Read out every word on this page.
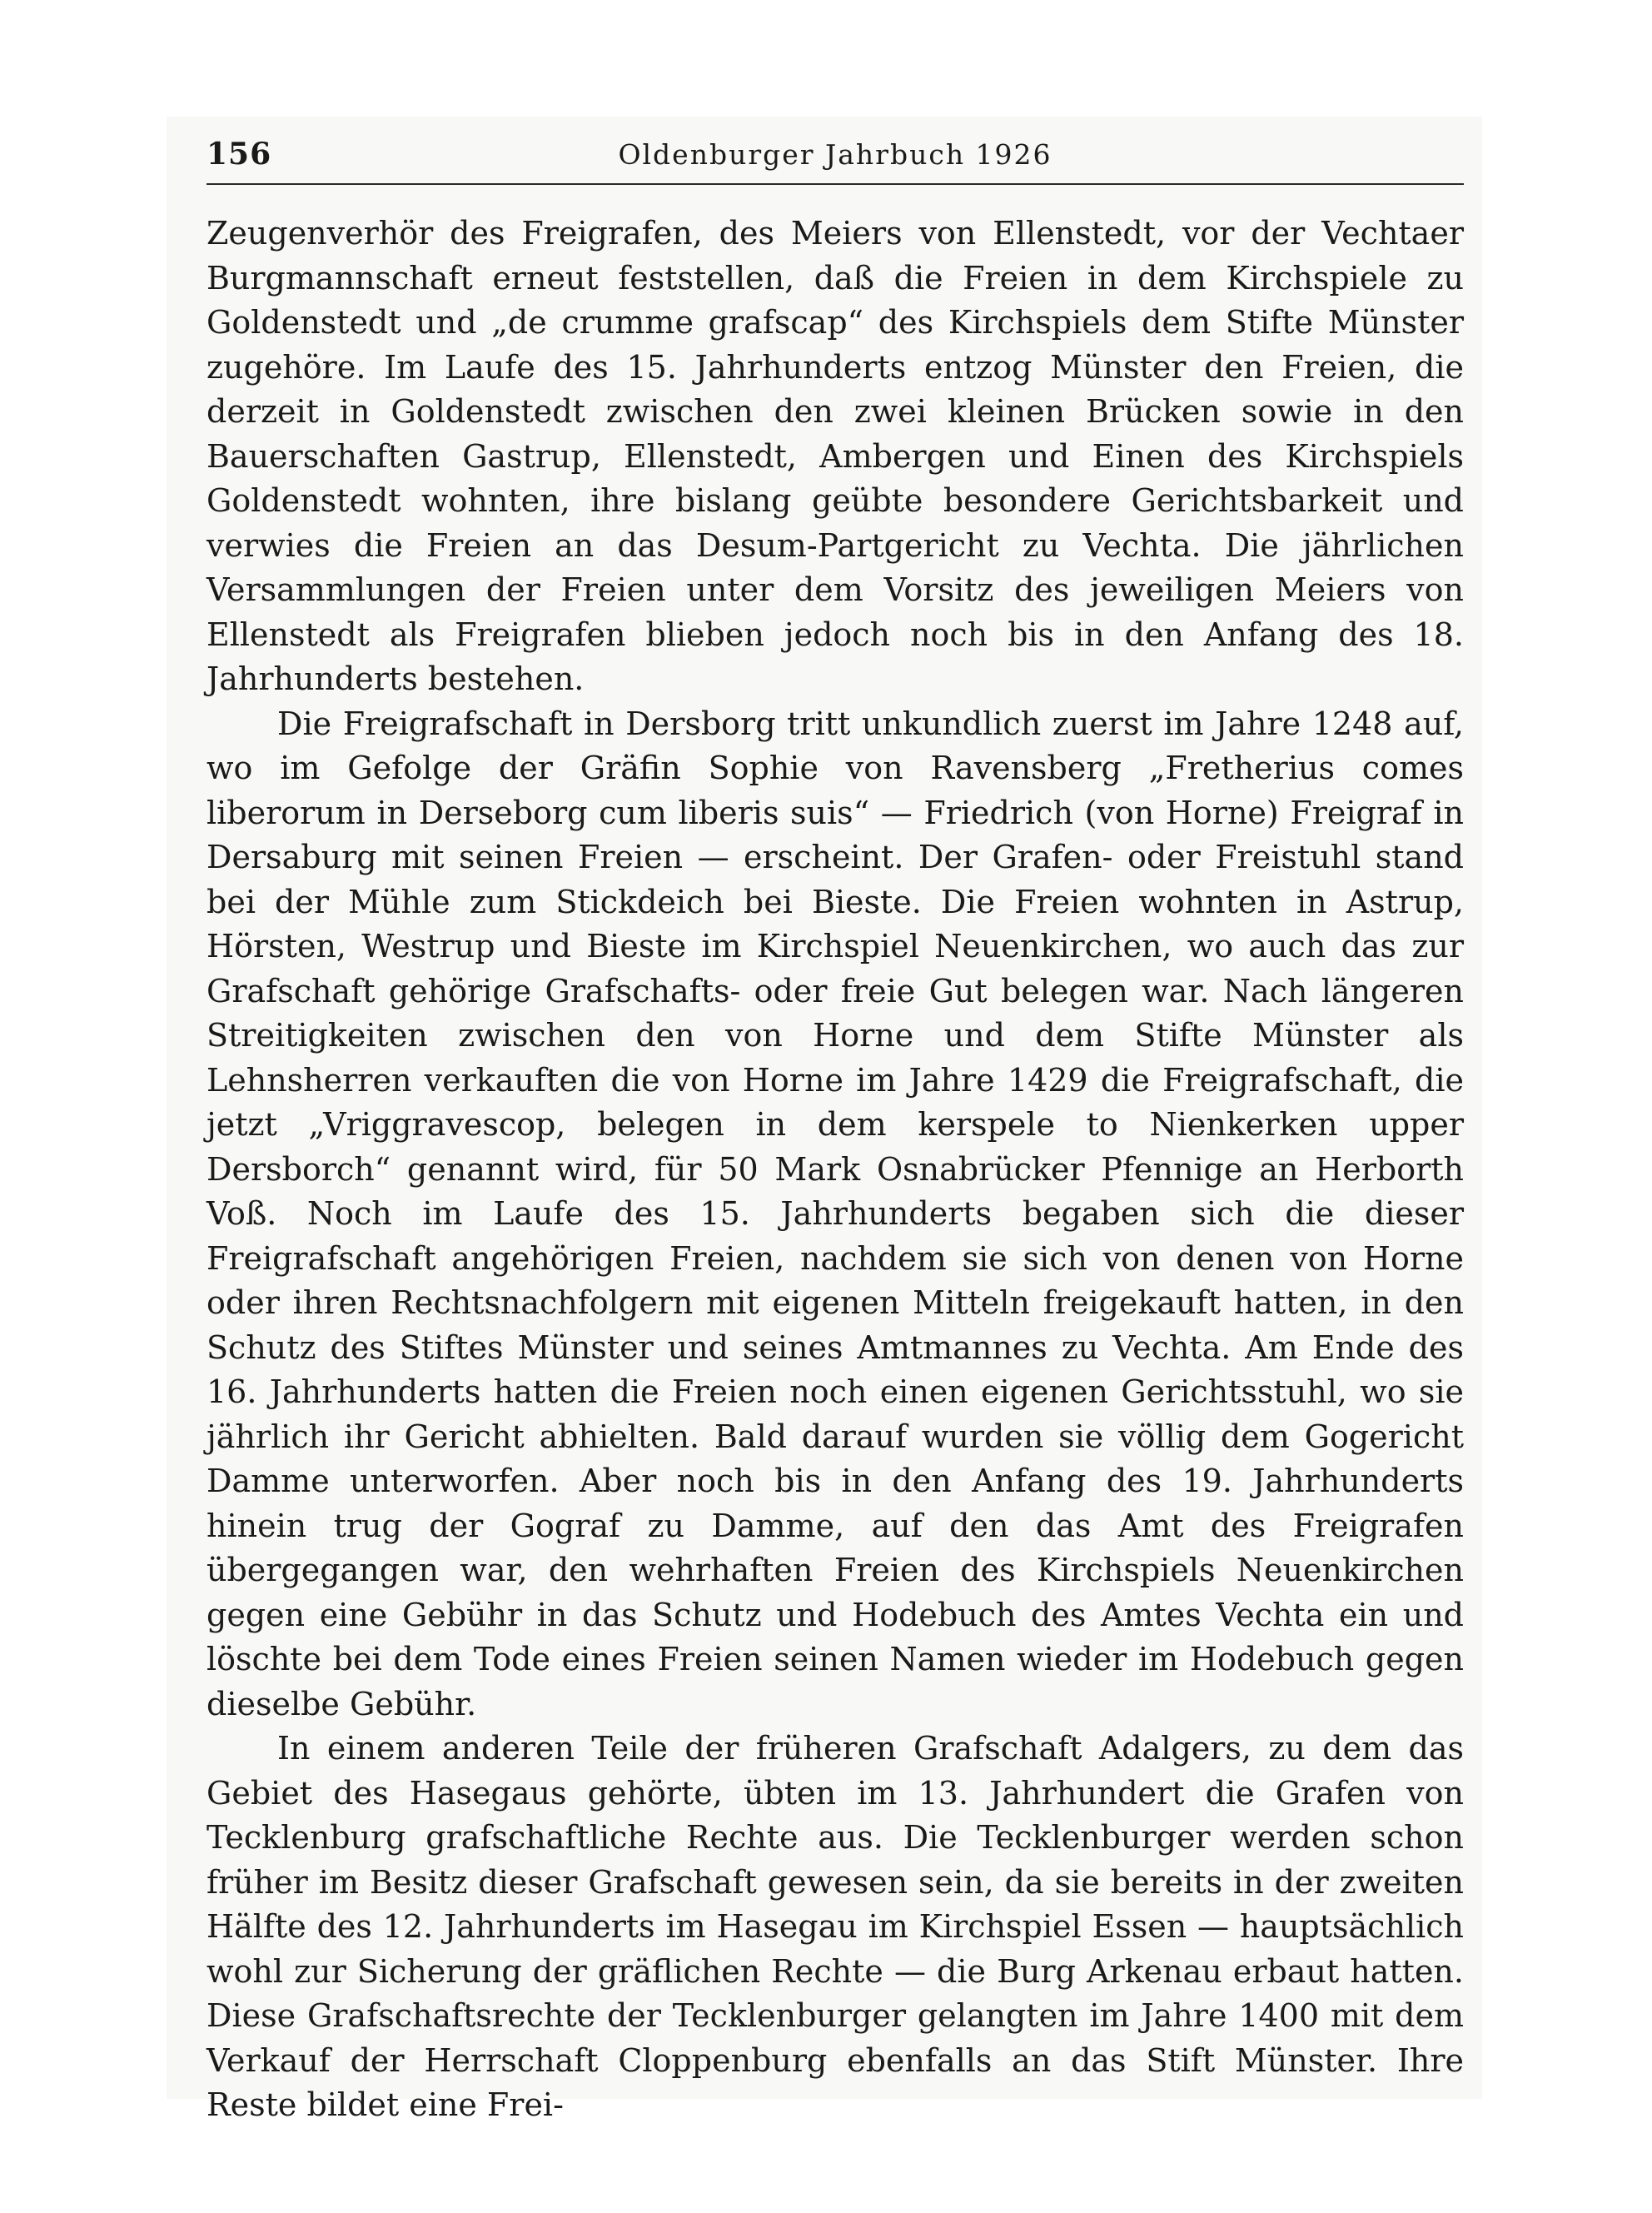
156	Oldenburger Jahrbuch 1926

Zeugenverhör des Freigrafen, des Meiers von Ellenstedt, vor der Vechtaer Burgmannschaft erneut feststellen, daß die Freien in dem Kirchspiele zu Goldenstedt und „de crumme grafscap“ des Kirchspiels dem Stifte Münster zugehöre. Im Laufe des 15. Jahrhunderts entzog Münster den Freien, die derzeit in Goldenstedt zwischen den zwei kleinen Brücken sowie in den Bauerschaften Gastrup, Ellenstedt, Ambergen und Einen des Kirchspiels Goldenstedt wohnten, ihre bislang geübte besondere Gerichtsbarkeit und verwies die Freien an das Desum-Partgericht zu Vechta. Die jährlichen Versammlungen der Freien unter dem Vorsitz des jeweiligen Meiers von Ellenstedt als Freigrafen blieben jedoch noch bis in den Anfang des 18. Jahrhunderts bestehen.

Die Freigrafschaft in Dersborg tritt unkundlich zuerst im Jahre 1248 auf, wo im Gefolge der Gräfin Sophie von Ravensberg „Fretherius comes liberorum in Derseborg cum liberis suis“ — Friedrich (von Horne) Freigraf in Dersaburg mit seinen Freien — erscheint. Der Grafen- oder Freistuhl stand bei der Mühle zum Stickdeich bei Bieste. Die Freien wohnten in Astrup, Hörsten, Westrup und Bieste im Kirchspiel Neuenkirchen, wo auch das zur Grafschaft gehörige Grafschafts- oder freie Gut belegen war. Nach längeren Streitigkeiten zwischen den von Horne und dem Stifte Münster als Lehnsherren verkauften die von Horne im Jahre 1429 die Freigrafschaft, die jetzt „Vriggravescop, belegen in dem kerspele to Nienkerken upper Dersborch“ genannt wird, für 50 Mark Osnabrücker Pfennige an Herborth Voß. Noch im Laufe des 15. Jahrhunderts begaben sich die dieser Freigrafschaft angehörigen Freien, nachdem sie sich von denen von Horne oder ihren Rechtsnachfolgern mit eigenen Mitteln freigekauft hatten, in den Schutz des Stiftes Münster und seines Amtmannes zu Vechta. Am Ende des 16. Jahrhunderts hatten die Freien noch einen eigenen Gerichtsstuhl, wo sie jährlich ihr Gericht abhielten. Bald darauf wurden sie völlig dem Gogericht Damme unterworfen. Aber noch bis in den Anfang des 19. Jahrhunderts hinein trug der Gograf zu Damme, auf den das Amt des Freigrafen übergegangen war, den wehrhaften Freien des Kirchspiels Neuenkirchen gegen eine Gebühr in das Schutz und Hodebuch des Amtes Vechta ein und löschte bei dem Tode eines Freien seinen Namen wieder im Hodebuch gegen dieselbe Gebühr.

In einem anderen Teile der früheren Grafschaft Adalgers, zu dem das Gebiet des Hasegaus gehörte, übten im 13. Jahrhundert die Grafen von Tecklenburg grafschaftliche Rechte aus. Die Tecklenburger werden schon früher im Besitz dieser Grafschaft gewesen sein, da sie bereits in der zweiten Hälfte des 12. Jahrhunderts im Hasegau im Kirchspiel Essen — hauptsächlich wohl zur Sicherung der gräflichen Rechte — die Burg Arkenau erbaut hatten. Diese Grafschaftsrechte der Tecklenburger gelangten im Jahre 1400 mit dem Verkauf der Herrschaft Cloppenburg ebenfalls an das Stift Münster. Ihre Reste bildet eine Frei-
